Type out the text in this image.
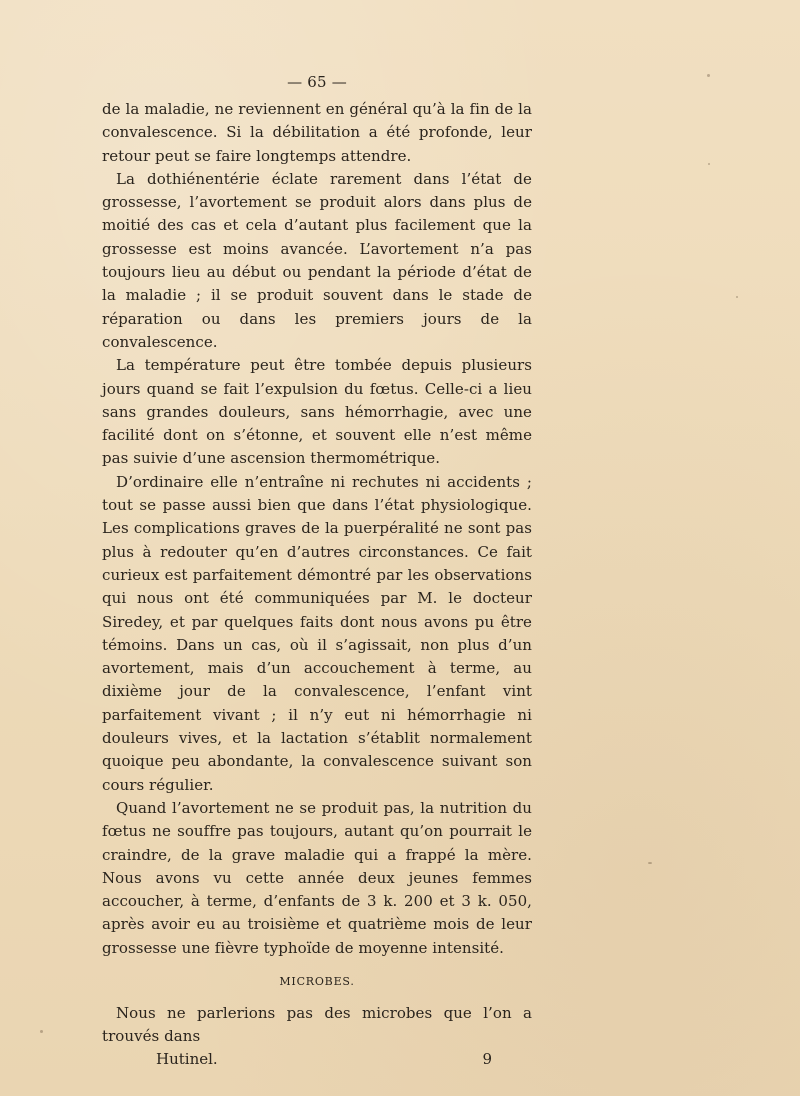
— 65 —

de la maladie, ne reviennent en général qu’à la fin de la convalescence. Si la débilitation a été profonde, leur retour peut se faire longtemps attendre.

La dothiénentérie éclate rarement dans l’état de grossesse, l’avortement se produit alors dans plus de moitié des cas et cela d’autant plus facilement que la grossesse est moins avancée. L’avortement n’a pas toujours lieu au début ou pendant la période d’état de la maladie ; il se produit souvent dans le stade de réparation ou dans les premiers jours de la convalescence.

La température peut être tombée depuis plusieurs jours quand se fait l’expulsion du fœtus. Celle-ci a lieu sans grandes douleurs, sans hémorrhagie, avec une facilité dont on s’étonne, et souvent elle n’est même pas suivie d’une ascension thermométrique.

D’ordinaire elle n’entraîne ni rechutes ni accidents ; tout se passe aussi bien que dans l’état physiologique. Les complications graves de la puerpéralité ne sont pas plus à redouter qu’en d’autres circonstances. Ce fait curieux est parfaitement démontré par les observations qui nous ont été communiquées par M. le docteur Siredey, et par quelques faits dont nous avons pu être témoins. Dans un cas, où il s’agissait, non plus d’un avortement, mais d’un accouchement à terme, au dixième jour de la convalescence, l’enfant vint parfaitement vivant ; il n’y eut ni hémorrhagie ni douleurs vives, et la lactation s’établit normalement quoique peu abondante, la convalescence suivant son cours régulier.

Quand l’avortement ne se produit pas, la nutrition du fœtus ne souffre pas toujours, autant qu’on pourrait le craindre, de la grave maladie qui a frappé la mère. Nous avons vu cette année deux jeunes femmes accoucher, à terme, d’enfants de 3 k. 200 et 3 k. 050, après avoir eu au troisième et quatrième mois de leur grossesse une fièvre typhoïde de moyenne intensité.

MICROBES.

Nous ne parlerions pas des microbes que l’on a trouvés dans

Hutinel.	9
